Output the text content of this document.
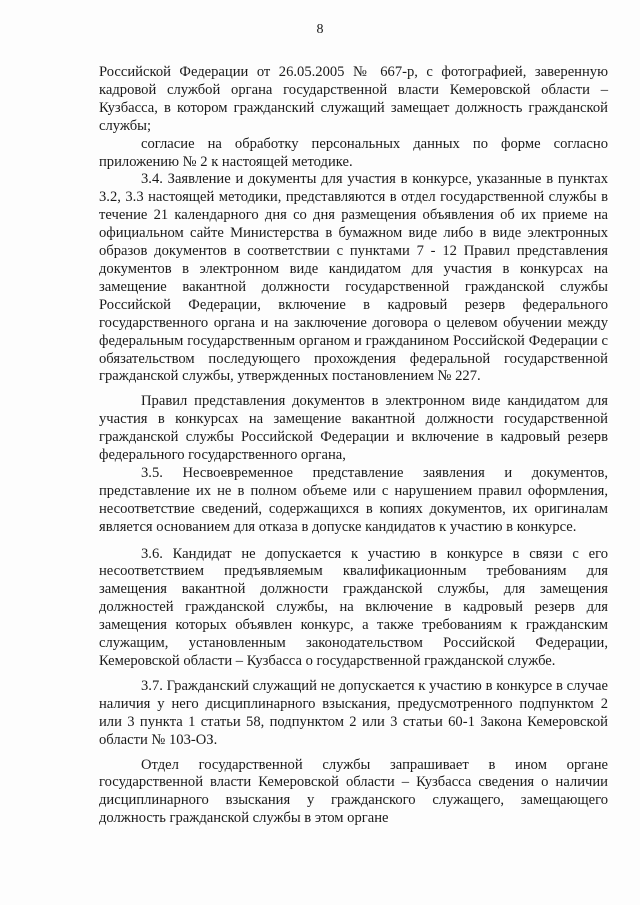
8

Российской Федерации от 26.05.2005 № 667-р, с фотографией, заверенную кадровой службой органа государственной власти Кемеровской области – Кузбасса, в котором гражданский служащий замещает должность гражданской службы;

согласие на обработку персональных данных по форме согласно приложению № 2 к настоящей методике.

3.4. Заявление и документы для участия в конкурсе, указанные в пунктах 3.2, 3.3 настоящей методики, представляются в отдел государственной службы в течение 21 календарного дня со дня размещения объявления об их приеме на официальном сайте Министерства в бумажном виде либо в виде электронных образов документов в соответствии с пунктами 7 - 12 Правил представления документов в электронном виде кандидатом для участия в конкурсах на замещение вакантной должности государственной гражданской службы Российской Федерации, включение в кадровый резерв федерального государственного органа и на заключение договора о целевом обучении между федеральным государственным органом и гражданином Российской Федерации с обязательством последующего прохождения федеральной государственной гражданской службы, утвержденных постановлением № 227.

Правил представления документов в электронном виде кандидатом для участия в конкурсах на замещение вакантной должности государственной гражданской службы Российской Федерации и включение в кадровый резерв федерального государственного органа,

3.5. Несвоевременное представление заявления и документов, представление их не в полном объеме или с нарушением правил оформления, несоответствие сведений, содержащихся в копиях документов, их оригиналам является основанием для отказа в допуске кандидатов к участию в конкурсе.

3.6. Кандидат не допускается к участию в конкурсе в связи с его несоответствием предъявляемым квалификационным требованиям для замещения вакантной должности гражданской службы, для замещения должностей гражданской службы, на включение в кадровый резерв для замещения которых объявлен конкурс, а также требованиям к гражданским служащим, установленным законодательством Российской Федерации, Кемеровской области – Кузбасса о государственной гражданской службе.

3.7. Гражданский служащий не допускается к участию в конкурсе в случае наличия у него дисциплинарного взыскания, предусмотренного подпунктом 2 или 3 пункта 1 статьи 58, подпунктом 2 или 3 статьи 60-1 Закона Кемеровской области № 103-ОЗ.

Отдел государственной службы запрашивает в ином органе государственной власти Кемеровской области – Кузбасса сведения о наличии дисциплинарного взыскания у гражданского служащего, замещающего должность гражданской службы в этом органе
